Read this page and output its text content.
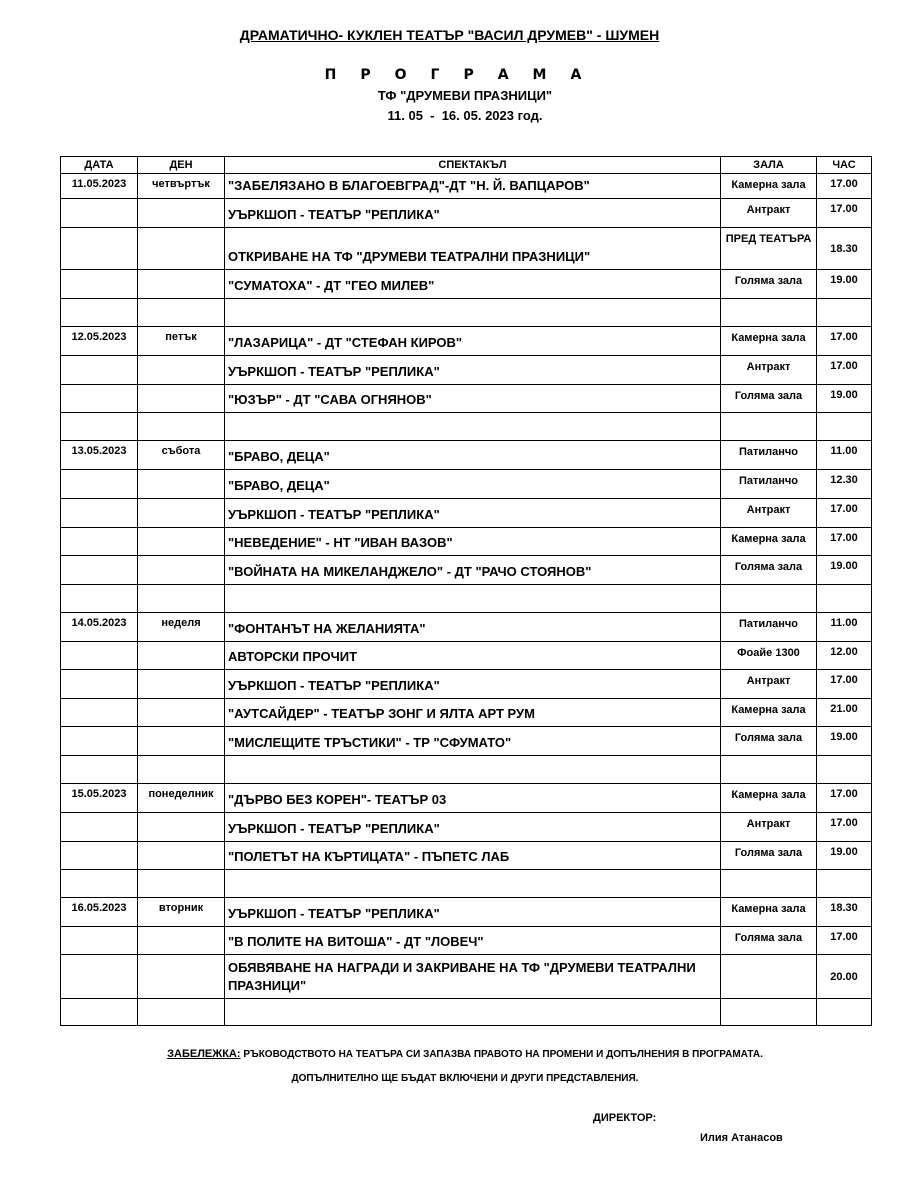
ДРАМАТИЧНО- КУКЛЕН ТЕАТЪР "ВАСИЛ ДРУМЕВ" - ШУМЕН
ПРОГРАМА
ТФ "ДРУМЕВИ ПРАЗНИЦИ"
11. 05  -  16. 05. 2023 год.
ДАТА	ДЕН	СПЕКТАКЪЛ	ЗАЛА	ЧАС
11.05.2023	четвъртък	"ЗАБЕЛЯЗАНО В БЛАГОЕВГРАД"-ДТ "Н. Й. ВАПЦАРОВ"	Камерна зала	17.00
		УЪРКШОП - ТЕАТЪР "РЕПЛИКА"	Антракт	17.00
		ОТКРИВАНЕ НА ТФ "ДРУМЕВИ ТЕАТРАЛНИ ПРАЗНИЦИ"	ПРЕД ТЕАТЪРА	18.30
		"СУМАТОХА" - ДТ "ГЕО МИЛЕВ"	Голяма зала	19.00

12.05.2023	петък	"ЛАЗАРИЦА" - ДТ "СТЕФАН КИРОВ"	Камерна зала	17.00
		УЪРКШОП - ТЕАТЪР "РЕПЛИКА"	Антракт	17.00
		"ЮЗЪР" - ДТ "САВА ОГНЯНОВ"	Голяма зала	19.00

13.05.2023	събота	"БРАВО, ДЕЦА"	Патиланчо	11.00
		"БРАВО, ДЕЦА"	Патиланчо	12.30
		УЪРКШОП - ТЕАТЪР "РЕПЛИКА"	Антракт	17.00
		"НЕВЕДЕНИЕ" - НТ "ИВАН ВАЗОВ"	Камерна зала	17.00
		"ВОЙНАТА НА МИКЕЛАНДЖЕЛО" - ДТ "РАЧО СТОЯНОВ"	Голяма зала	19.00

14.05.2023	неделя	"ФОНТАНЪТ НА ЖЕЛАНИЯТА"	Патиланчо	11.00
		АВТОРСКИ ПРОЧИТ	Фоайе 1300	12.00
		УЪРКШОП - ТЕАТЪР "РЕПЛИКА"	Антракт	17.00
		"АУТСАЙДЕР" - ТЕАТЪР ЗОНГ И ЯЛТА АРТ РУМ	Камерна зала	21.00
		"МИСЛЕЩИТЕ ТРЪСТИКИ" - ТР "СФУМАТО"	Голяма зала	19.00

15.05.2023	понеделник	"ДЪРВО БЕЗ КОРЕН"- ТЕАТЪР 03	Камерна зала	17.00
		УЪРКШОП - ТЕАТЪР "РЕПЛИКА"	Антракт	17.00
		"ПОЛЕТЪТ НА КЪРТИЦАТА" - ПЪПЕТС ЛАБ	Голяма зала	19.00

16.05.2023	вторник	УЪРКШОП - ТЕАТЪР "РЕПЛИКА"	Камерна зала	18.30
		"В ПОЛИТЕ НА ВИТОША" - ДТ "ЛОВЕЧ"	Голяма зала	17.00
		ОБЯВЯВАНЕ НА НАГРАДИ И ЗАКРИВАНЕ НА ТФ "ДРУМЕВИ ТЕАТРАЛНИ ПРАЗНИЦИ"		20.00

ЗАБЕЛЕЖКА: РЪКОВОДСТВОТО НА ТЕАТЪРА СИ ЗАПАЗВА ПРАВОТО НА ПРОМЕНИ И ДОПЪЛНЕНИЯ В ПРОГРАМАТА.
ДОПЪЛНИТЕЛНО ЩЕ БЪДАТ ВКЛЮЧЕНИ И ДРУГИ ПРЕДСТАВЛЕНИЯ.
ДИРЕКТОР:
Илия Атанасов
